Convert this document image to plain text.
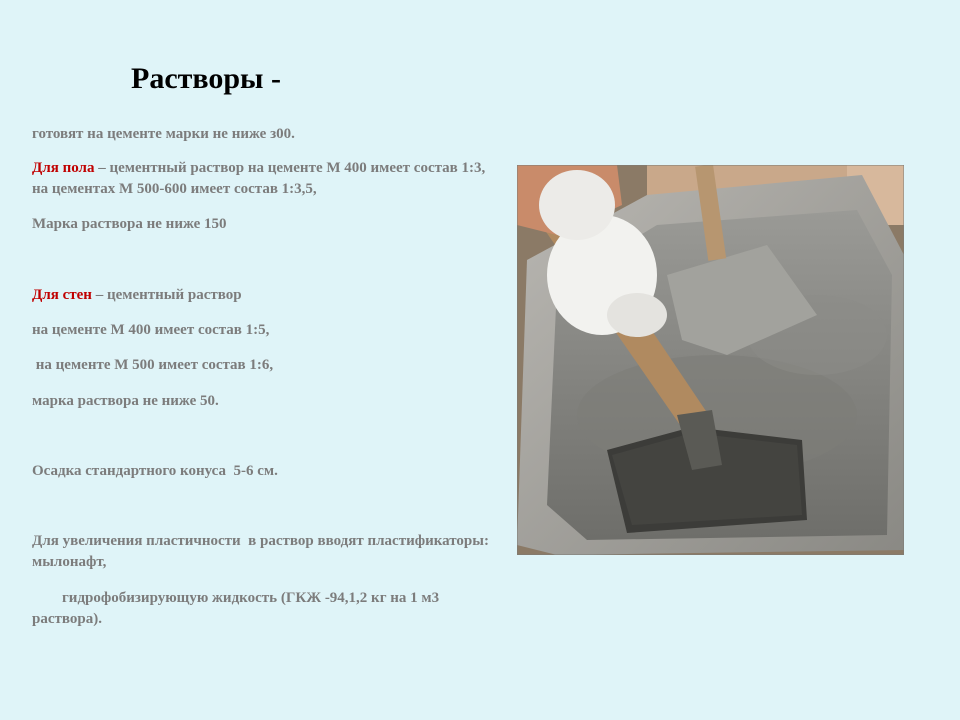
Растворы -

готовят на цементе марки не ниже з00.

Для пола – цементный раствор на цементе М 400 имеет состав 1:3, на цементах М 500-600 имеет состав 1:3,5,

Марка раствора не ниже 150

Для стен – цементный раствор

на цементе М 400 имеет состав 1:5,

на цементе М 500 имеет состав 1:6,

марка раствора не ниже 50.

Осадка стандартного конуса  5-6 см.

Для увеличения пластичности  в раствор вводят пластификаторы:       мылонафт,

гидрофобизирующую жидкость (ГКЖ -94,1,2 кг на 1 м3 раствора).
